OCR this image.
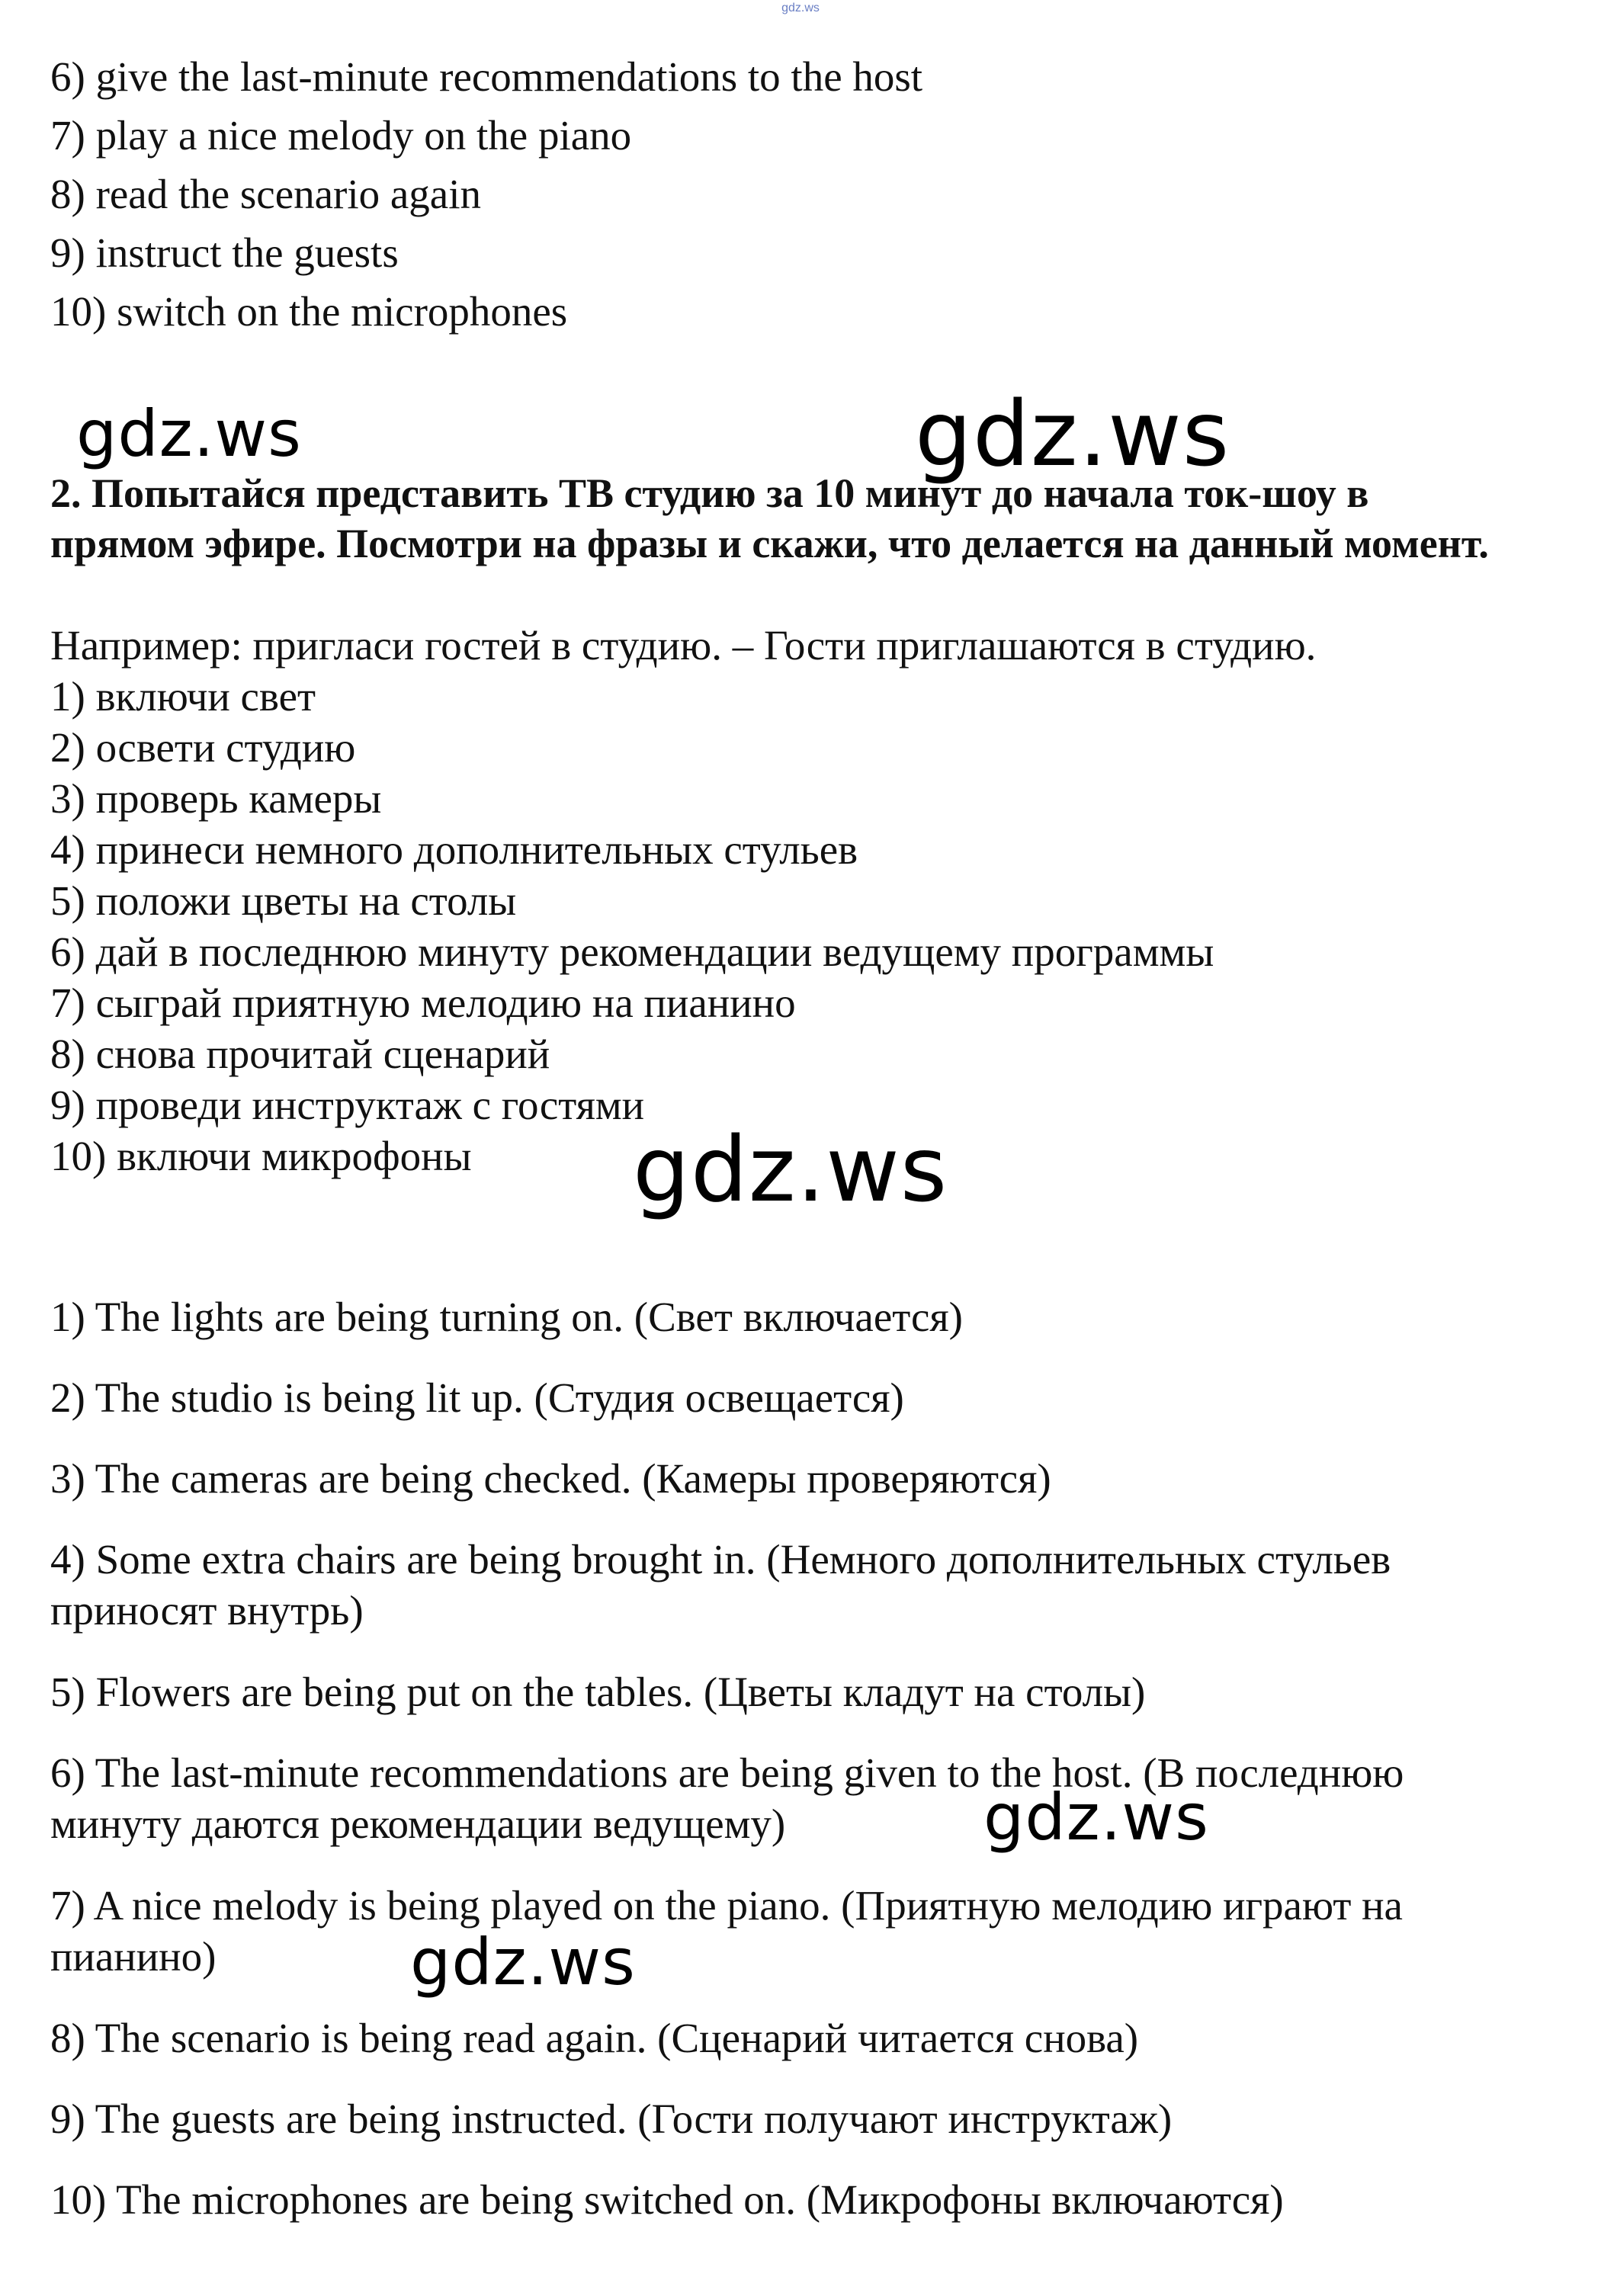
gdz.ws
6) give the last-minute recommendations to the host
7) play a nice melody on the piano
8) read the scenario again
9) instruct the guests
10) switch on the microphones
gdz.ws	gdz.ws
2. Попытайся представить ТВ студию за 10 минут до начала ток-шоу в прямом эфире. Посмотри на фразы и скажи, что делается на данный момент.
Например: пригласи гостей в студию. – Гости приглашаются в студию.
1) включи свет
2) освети студию
3) проверь камеры
4) принеси немного дополнительных стульев
5) положи цветы на столы
6) дай в последнюю минуту рекомендации ведущему программы
7) сыграй приятную мелодию на пианино
8) снова прочитай сценарий
9) проведи инструктаж с гостями
10) включи микрофоны gdz.ws
1) The lights are being turning on. (Свет включается)
2) The studio is being lit up. (Студия освещается)
3) The cameras are being checked. (Камеры проверяются)
4) Some extra chairs are being brought in. (Немного дополнительных стульев приносят внутрь)
5) Flowers are being put on the tables. (Цветы кладут на столы)
6) The last-minute recommendations are being given to the host. (В последнюю минуту даются рекомендации ведущему)
7) A nice melody is being played on the piano. (Приятную мелодию играют на пианино)
8) The scenario is being read again. (Сценарий читается снова)
9) The guests are being instructed. (Гости получают инструктаж)
10) The microphones are being switched on. (Микрофоны включаются)
gdz.ws
gdz.ws
